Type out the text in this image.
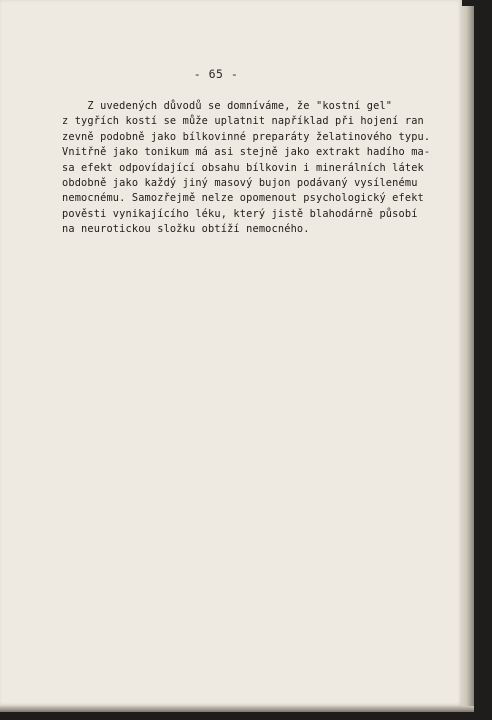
- 65 -
Z uvedených důvodů se domníváme, že "kostní gel"
z tygřích kostí se může uplatnit například při hojení ran
zevně podobně jako bílkovinné preparáty želatinového typu.
Vnitřně jako tonikum má asi stejně jako extrakt hadího ma-
sa efekt odpovídající obsahu bílkovin i minerálních látek
obdobně jako každý jiný masový bujon podávaný vysílenému
nemocnému. Samozřejmě nelze opomenout psychologický efekt
pověsti vynikajícího léku, který jistě blahodárně působí
na neurotickou složku obtíží nemocného.
